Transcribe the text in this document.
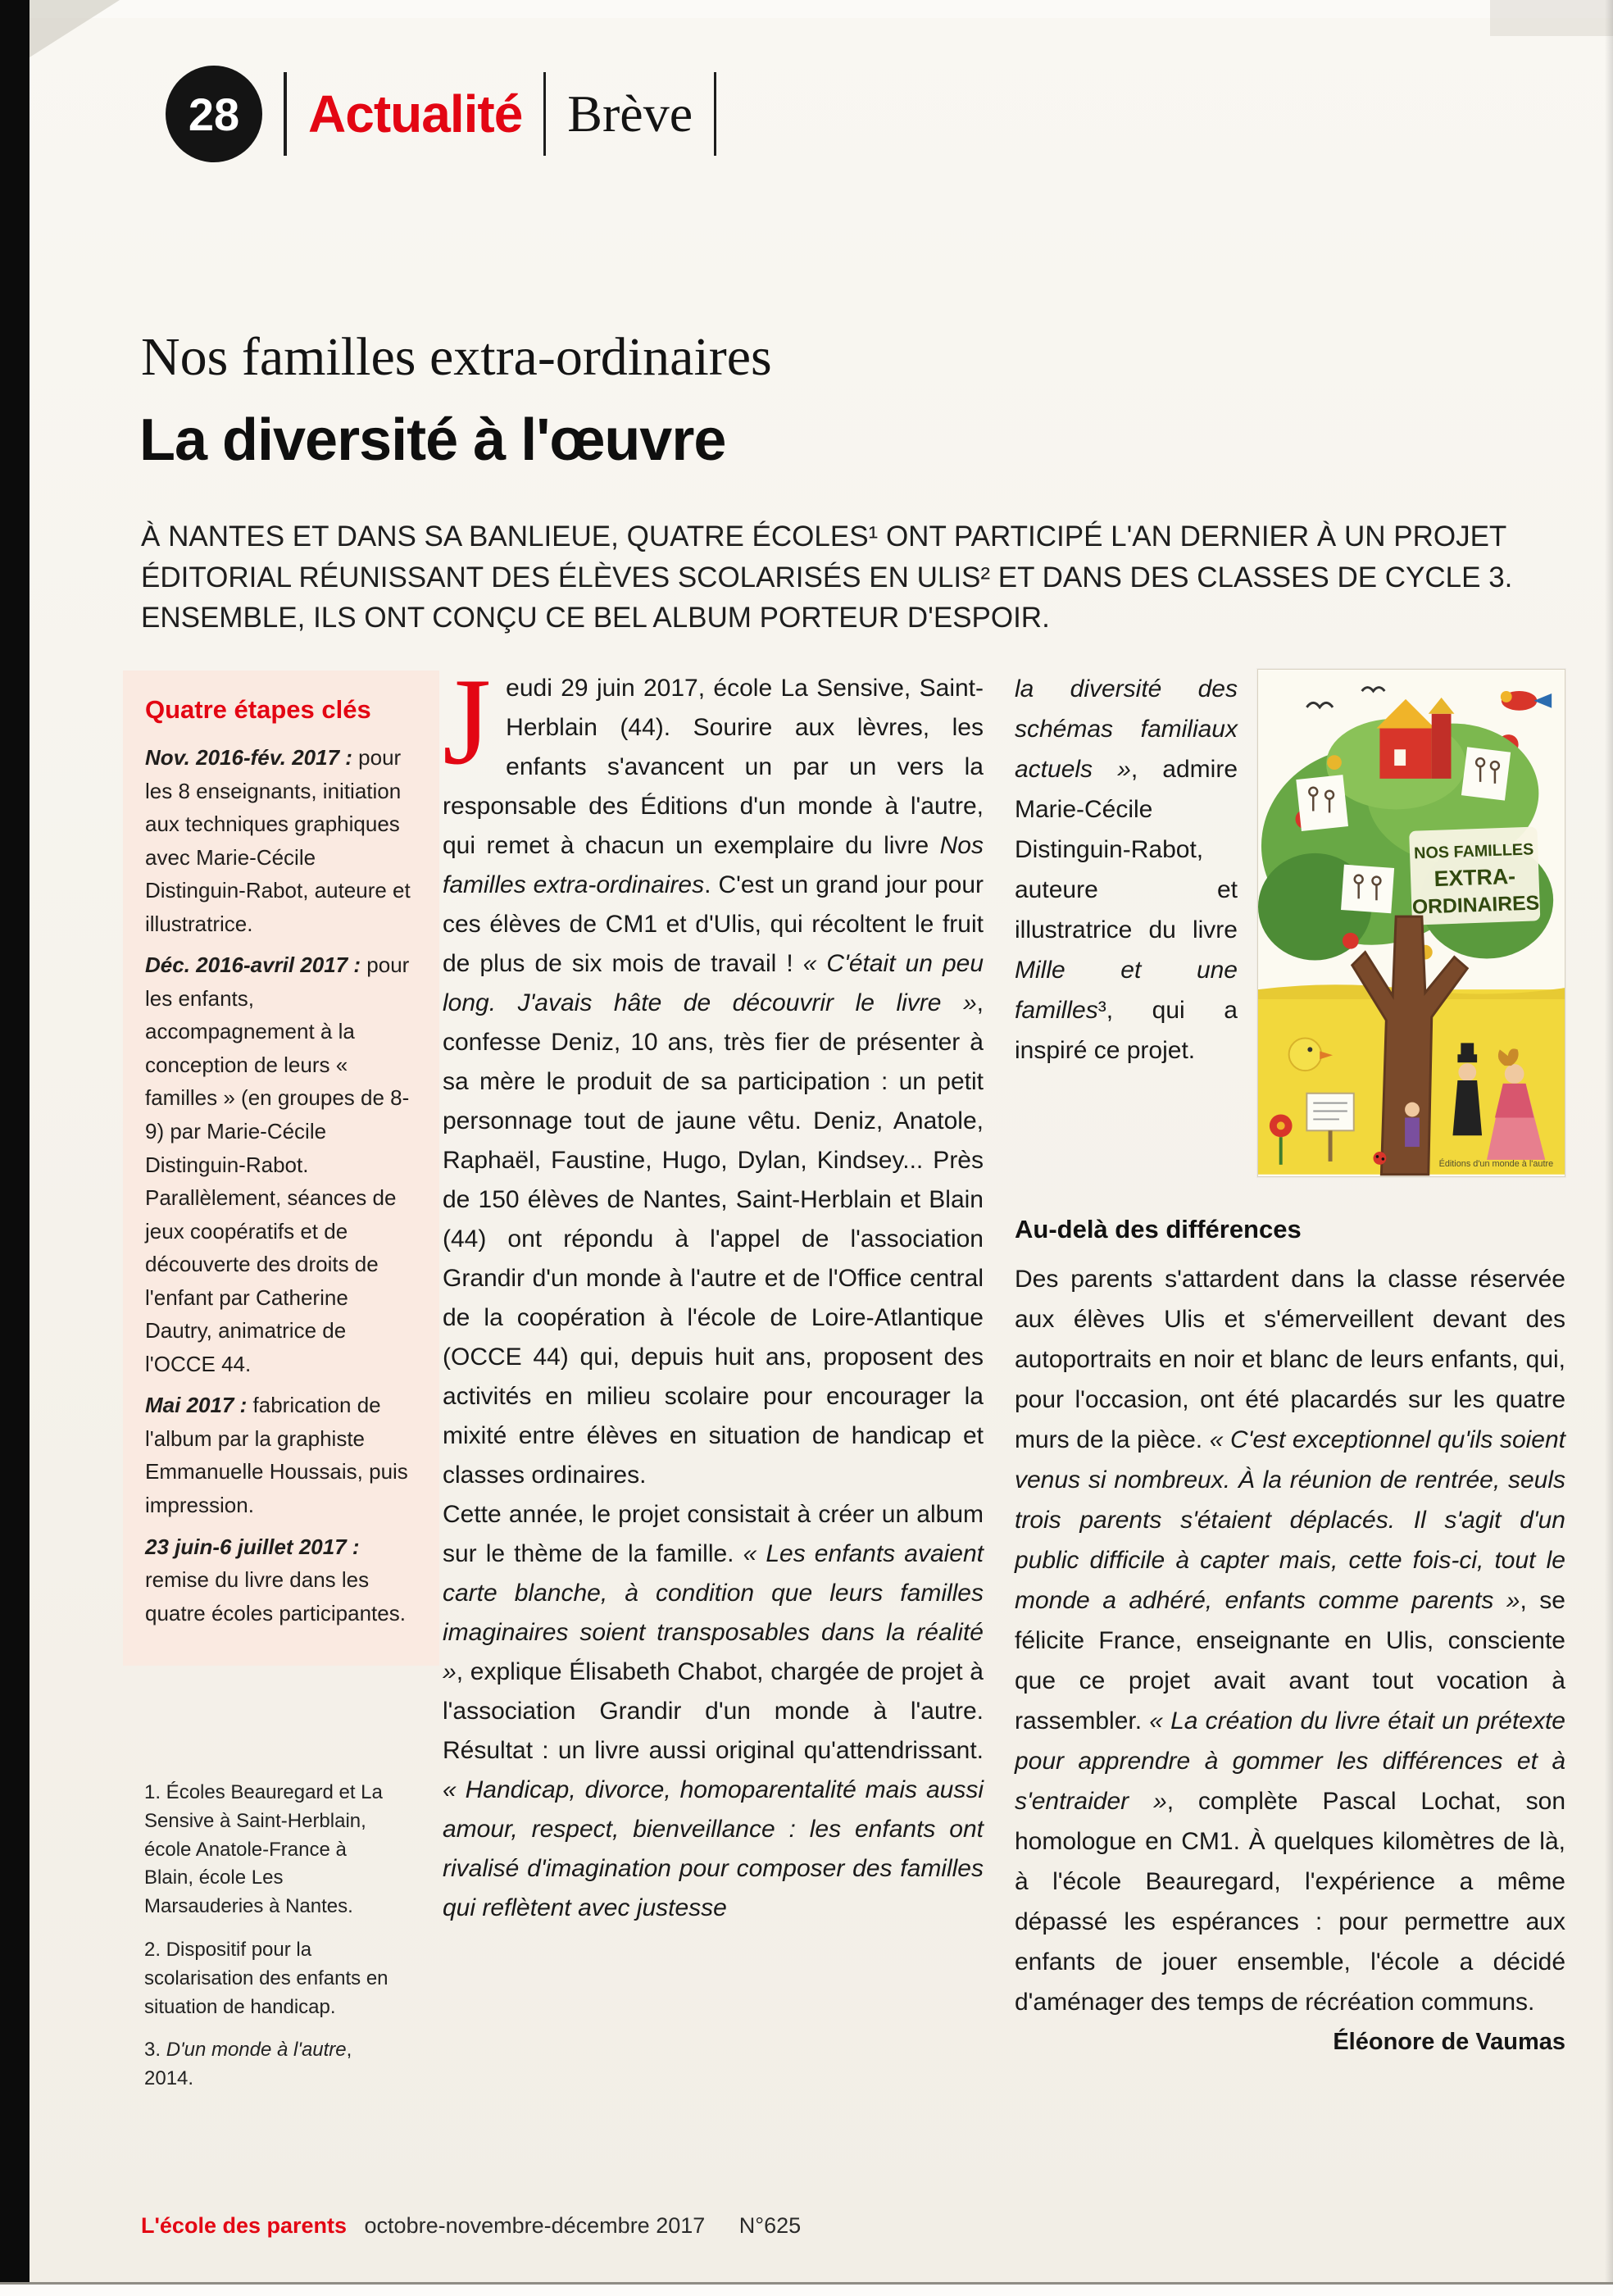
28 Actualité Brève
Nos familles extra-ordinaires
La diversité à l'œuvre

À NANTES ET DANS SA BANLIEUE, QUATRE ÉCOLES¹ ONT PARTICIPÉ L'AN DERNIER À UN PROJET ÉDITORIAL RÉUNISSANT DES ÉLÈVES SCOLARISÉS EN ULIS² ET DANS DES CLASSES DE CYCLE 3. ENSEMBLE, ILS ONT CONÇU CE BEL ALBUM PORTEUR D'ESPOIR.

Quatre étapes clés

Nov. 2016-fév. 2017 : pour les 8 enseignants, initiation aux techniques graphiques avec Marie-Cécile Distinguin-Rabot, auteure et illustratrice.

Déc. 2016-avril 2017 : pour les enfants, accompagnement à la conception de leurs « familles » (en groupes de 8-9) par Marie-Cécile Distinguin-Rabot. Parallèlement, séances de jeux coopératifs et de découverte des droits de l'enfant par Catherine Dautry, animatrice de l'OCCE 44.

Mai 2017 : fabrication de l'album par la graphiste Emmanuelle Houssais, puis impression.

23 juin-6 juillet 2017 : remise du livre dans les quatre écoles participantes.

1. Écoles Beauregard et La Sensive à Saint-Herblain, école Anatole-France à Blain, école Les Marsauderies à Nantes.

2. Dispositif pour la scolarisation des enfants en situation de handicap.

3. D'un monde à l'autre, 2014.

Jeudi 29 juin 2017, école La Sensive, Saint-Herblain (44). Sourire aux lèvres, les enfants s'avancent un par un vers la responsable des Éditions d'un monde à l'autre, qui remet à chacun un exemplaire du livre Nos familles extra-ordinaires. C'est un grand jour pour ces élèves de CM1 et d'Ulis, qui récoltent le fruit de plus de six mois de travail ! « C'était un peu long. J'avais hâte de découvrir le livre », confesse Deniz, 10 ans, très fier de présenter à sa mère le produit de sa participation : un petit personnage tout de jaune vêtu. Deniz, Anatole, Raphaël, Faustine, Hugo, Dylan, Kindsey... Près de 150 élèves de Nantes, Saint-Herblain et Blain (44) ont répondu à l'appel de l'association Grandir d'un monde à l'autre et de l'Office central de la coopération à l'école de Loire-Atlantique (OCCE 44) qui, depuis huit ans, proposent des activités en milieu scolaire pour encourager la mixité entre élèves en situation de handicap et classes ordinaires.

Cette année, le projet consistait à créer un album sur le thème de la famille. « Les enfants avaient carte blanche, à condition que leurs familles imaginaires soient transposables dans la réalité », explique Élisabeth Chabot, chargée de projet à l'association Grandir d'un monde à l'autre. Résultat : un livre aussi original qu'attendrissant. « Handicap, divorce, homoparentalité mais aussi amour, respect, bienveillance : les enfants ont rivalisé d'imagination pour composer des familles qui reflètent avec justesse

la diversité des schémas familiaux actuels », admire Marie-Cécile Distinguin-Rabot, auteure et illustratrice du livre Mille et une familles³, qui a inspiré ce projet.

NOS FAMILLES
EXTRA-
ORDINAIRES
Éditions d'un monde à l'autre
Au-delà des différences

Des parents s'attardent dans la classe réservée aux élèves Ulis et s'émerveillent devant des autoportraits en noir et blanc de leurs enfants, qui, pour l'occasion, ont été placardés sur les quatre murs de la pièce. « C'est exceptionnel qu'ils soient venus si nombreux. À la réunion de rentrée, seuls trois parents s'étaient déplacés. Il s'agit d'un public difficile à capter mais, cette fois-ci, tout le monde a adhéré, enfants comme parents », se félicite France, enseignante en Ulis, consciente que ce projet avait avant tout vocation à rassembler. « La création du livre était un prétexte pour apprendre à gommer les différences et à s'entraider », complète Pascal Lochat, son homologue en CM1. À quelques kilomètres de là, à l'école Beauregard, l'expérience a même dépassé les espérances : pour permettre aux enfants de jouer ensemble, l'école a décidé d'aménager des temps de récréation communs.

Éléonore de Vaumas

L'école des parents octobre-novembre-décembre 2017 N°625
